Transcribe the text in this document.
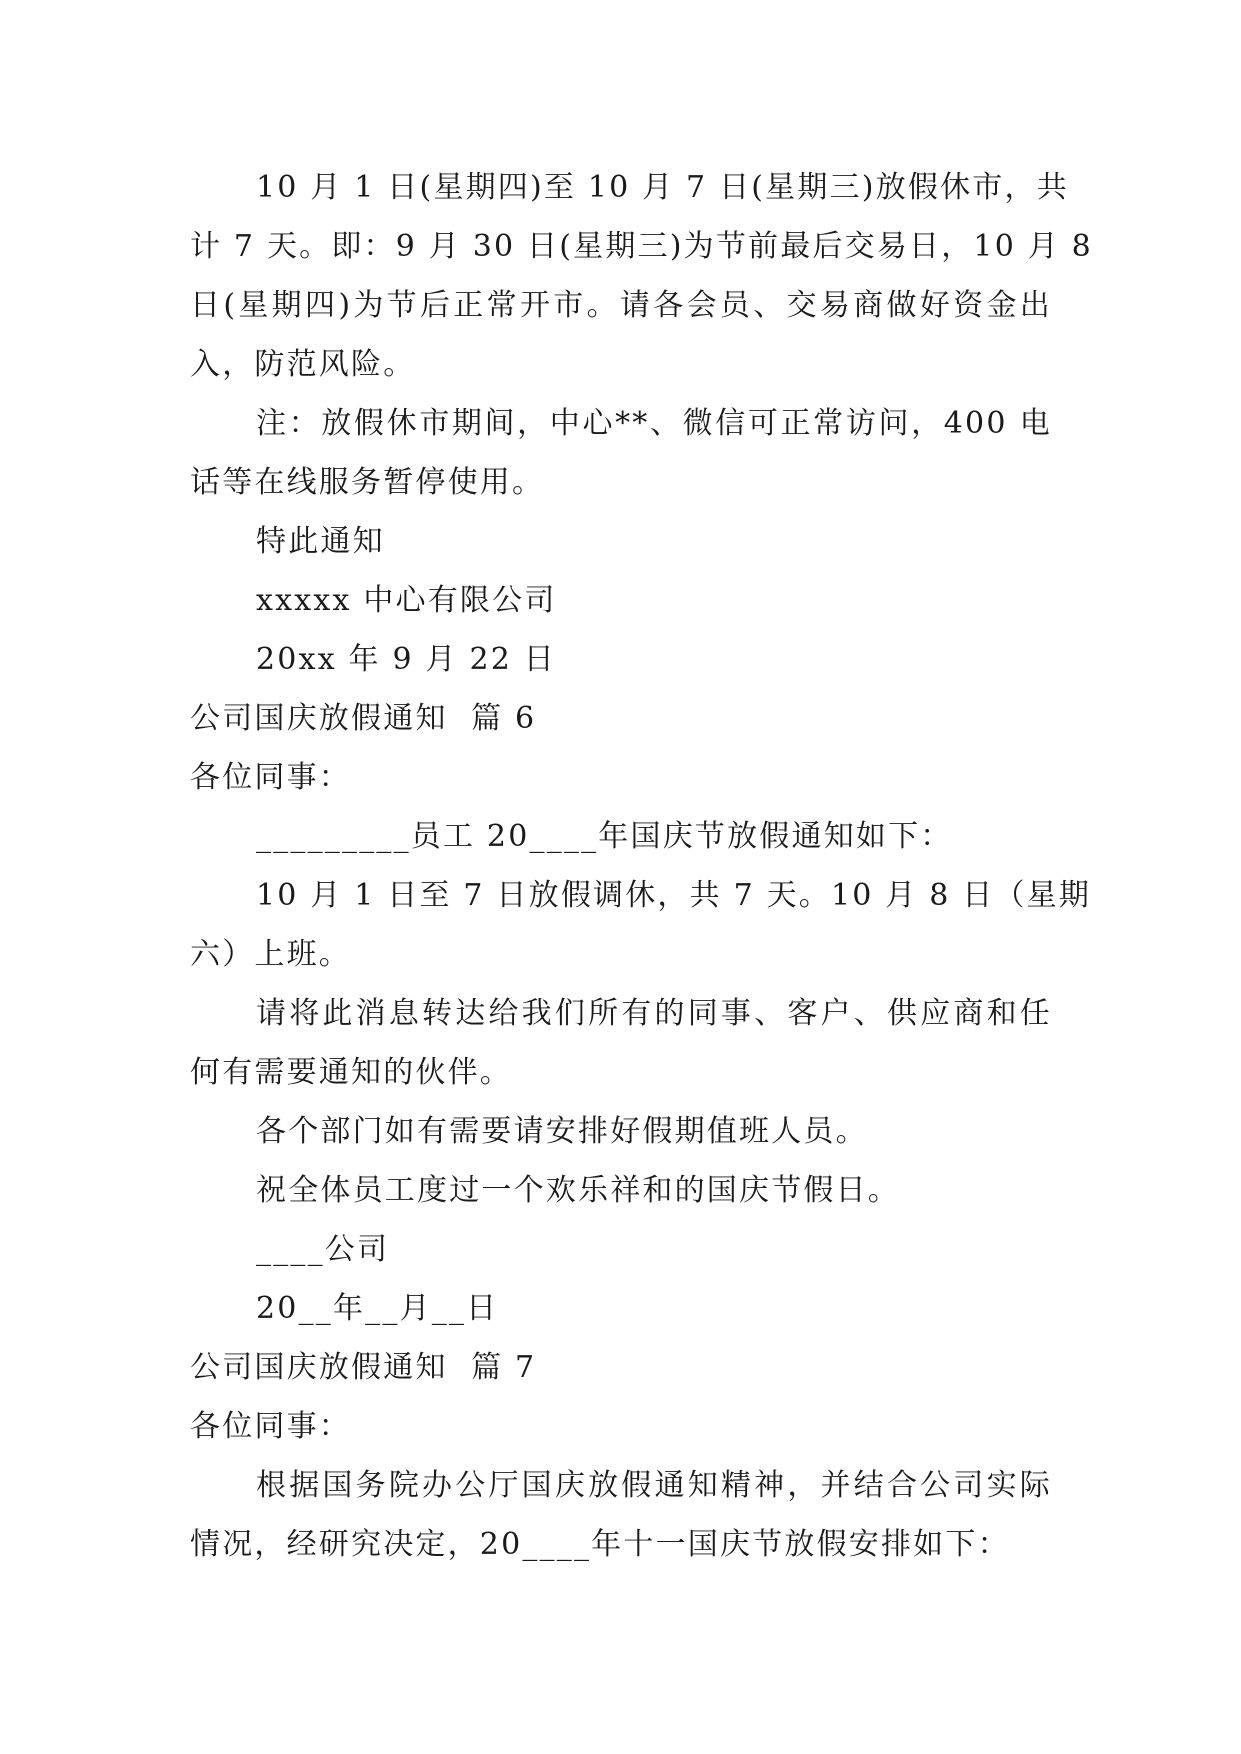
10 月 1 日(星期四)至 10 月 7 日(星期三)放假休市，共
计 7 天。即：9 月 30 日(星期三)为节前最后交易日，10 月 8
日(星期四)为节后正常开市。请各会员、交易商做好资金出
入，防范风险。
注：放假休市期间，中心**、微信可正常访问，400 电
话等在线服务暂停使用。
特此通知
xxxxx 中心有限公司
20xx 年 9 月 22 日
公司国庆放假通知  篇 6
各位同事：
_________员工 20____年国庆节放假通知如下：
10 月 1 日至 7 日放假调休，共 7 天。10 月 8 日（星期
六）上班。
请将此消息转达给我们所有的同事、客户、供应商和任
何有需要通知的伙伴。
各个部门如有需要请安排好假期值班人员。
祝全体员工度过一个欢乐祥和的国庆节假日。
____公司
20__年__月__日
公司国庆放假通知  篇 7
各位同事：
根据国务院办公厅国庆放假通知精神，并结合公司实际
情况，经研究决定，20____年十一国庆节放假安排如下：
